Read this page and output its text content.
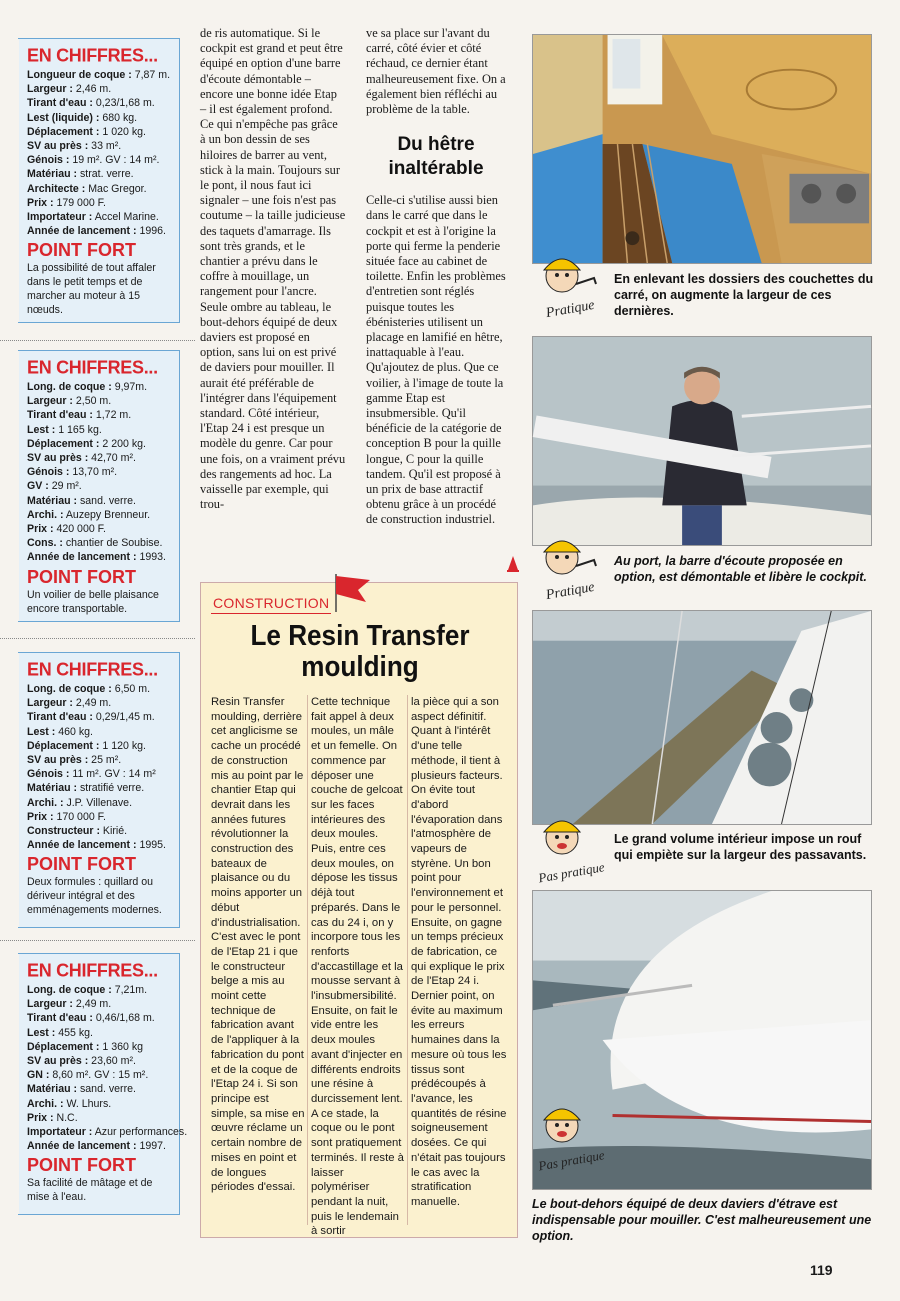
EN CHIFFRES...
Longueur de coque : 7,87 m.
Largeur : 2,46 m.
Tirant d'eau : 0,23/1,68 m.
Lest (liquide) : 680 kg.
Déplacement : 1 020 kg.
SV au près : 33 m².
Génois : 19 m². GV : 14 m².
Matériau : strat. verre.
Architecte : Mac Gregor.
Prix : 179 000 F.
Importateur : Accel Marine.
Année de lancement : 1996.
POINT FORT
La possibilité de tout affaler dans le petit temps et de marcher au moteur à 15 nœuds.
EN CHIFFRES...
Long. de coque : 9,97m.
Largeur : 2,50 m.
Tirant d'eau : 1,72 m.
Lest : 1 165 kg.
Déplacement : 2 200 kg.
SV au près : 42,70 m².
Génois : 13,70 m².
GV : 29 m².
Matériau : sand. verre.
Archi. : Auzepy Brenneur.
Prix : 420 000 F.
Cons. : chantier de Soubise.
Année de lancement : 1993.
POINT FORT
Un voilier de belle plaisance encore transportable.
EN CHIFFRES...
Long. de coque : 6,50 m.
Largeur : 2,49 m.
Tirant d'eau : 0,29/1,45 m.
Lest : 460 kg.
Déplacement : 1 120 kg.
SV au près : 25 m².
Génois : 11 m². GV : 14 m²
Matériau : stratifié verre.
Archi. : J.P. Villenave.
Prix : 170 000 F.
Constructeur : Kirié.
Année de lancement : 1995.
POINT FORT
Deux formules : quillard ou dériveur intégral et des emménagements modernes.
EN CHIFFRES...
Long. de coque : 7,21m.
Largeur : 2,49 m.
Tirant d'eau : 0,46/1,68 m.
Lest : 455 kg.
Déplacement : 1 360 kg
SV au près : 23,60 m².
GN : 8,60 m². GV : 15 m².
Matériau : sand. verre.
Archi. : W. Lhurs.
Prix : N.C.
Importateur : Azur performances.
Année de lancement : 1997.
POINT FORT
Sa facilité de mâtage et de mise à l'eau.

de ris automatique. Si le cockpit est grand et peut être équipé en option d'une barre d'écoute démontable – encore une bonne idée Etap – il est également profond. Ce qui n'empêche pas grâce à un bon dessin de ses hiloires de barrer au vent, stick à la main. Toujours sur le pont, il nous faut ici signaler – une fois n'est pas coutume – la taille judicieuse des taquets d'amarrage. Ils sont très grands, et le chantier a prévu dans le coffre à mouillage, un rangement pour l'ancre. Seule ombre au tableau, le bout-dehors équipé de deux daviers est proposé en option, sans lui on est privé de daviers pour mouiller. Il aurait été préférable de l'intégrer dans l'équipement standard. Côté intérieur, l'Etap 24 i est presque un modèle du genre. Car pour une fois, on a vraiment prévu des rangements ad hoc. La vaisselle par exemple, qui trou-

ve sa place sur l'avant du carré, côté évier et côté réchaud, ce dernier étant malheureusement fixe. On a également bien réfléchi au problème de la table.

Du hêtre inaltérable

Celle-ci s'utilise aussi bien dans le carré que dans le cockpit et est à l'origine la porte qui ferme la penderie située face au cabinet de toilette. Enfin les problèmes d'entretien sont réglés puisque toutes les ébénisteries utilisent un placage en lamifié en hêtre, inattaquable à l'eau. Qu'ajoutez de plus. Que ce voilier, à l'image de toute la gamme Etap est insubmersible. Qu'il bénéficie de la catégorie de conception B pour la quille longue, C pour la quille tandem. Qu'il est proposé à un prix de base attractif obtenu grâce à un procédé de construction industriel.

CONSTRUCTION
Le Resin Transfer
moulding
Resin Transfer moulding, derrière cet anglicisme se cache un procédé de construction mis au point par le chantier Etap qui devrait dans les années futures révolutionner la construction des bateaux de plaisance ou du moins apporter un début d'industrialisation. C'est avec le pont de l'Etap 21 i que le constructeur belge a mis au moint cette technique de fabrication avant de l'appliquer à la fabrication du pont et de la coque de l'Etap 24 i. Si son principe est simple, sa mise en œuvre réclame un certain nombre de mises en point et de longues périodes d'essai.
Cette technique fait appel à deux moules, un mâle et un femelle. On commence par déposer une couche de gelcoat sur les faces intérieures des deux moules. Puis, entre ces deux moules, on dépose les tissus déjà tout préparés. Dans le cas du 24 i, on y incorpore tous les renforts d'accastillage et la mousse servant à l'insubmersibilité. Ensuite, on fait le vide entre les deux moules avant d'injecter en différents endroits une résine à durcissement lent. A ce stade, la coque ou le pont sont pratiquement terminés. Il reste à laisser polymériser pendant la nuit, puis le lendemain à sortir
la pièce qui a son aspect définitif. Quant à l'intérêt d'une telle méthode, il tient à plusieurs facteurs. On évite tout d'abord l'évaporation dans l'atmosphère de vapeurs de styrène. Un bon point pour l'environnement et pour le personnel. Ensuite, on gagne un temps précieux de fabrication, ce qui explique le prix de l'Etap 24 i. Dernier point, on évite au maximum les erreurs humaines dans la mesure où tous les tissus sont prédécoupés à l'avance, les quantités de résine soigneusement dosées. Ce qui n'était pas toujours le cas avec la stratification manuelle.
Pratique
En enlevant les dossiers des couchettes du carré, on augmente la largeur de ces dernières.
Pratique
Au port, la barre d'écoute proposée en option, est démontable et libère le cockpit.
Pas pratique
Le grand volume intérieur impose un rouf qui empiète sur la largeur des passavants.
Pas pratique
Le bout-dehors équipé de deux daviers d'étrave est indispensable pour mouiller. C'est malheureusement une option.
119
